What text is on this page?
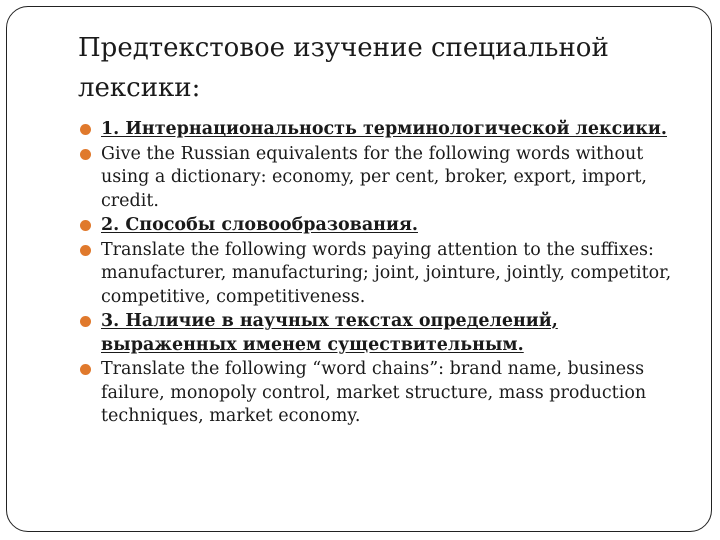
Предтекстовое изучение специальной лексики:
1. Интернациональность терминологической лексики.
Give the Russian equivalents for the following words without using a dictionary: economy, per cent, broker, export, import, credit.
2. Способы словообразования.
Translate the following words paying attention to the suffixes: manufacturer, manufacturing; joint, jointure, jointly, competitor, competitive, competitiveness.
3. Наличие в научных текстах определений, выраженных именем существительным.
Translate the following “word chains”: brand name, business failure, monopoly control, market structure, mass production techniques, market economy.
